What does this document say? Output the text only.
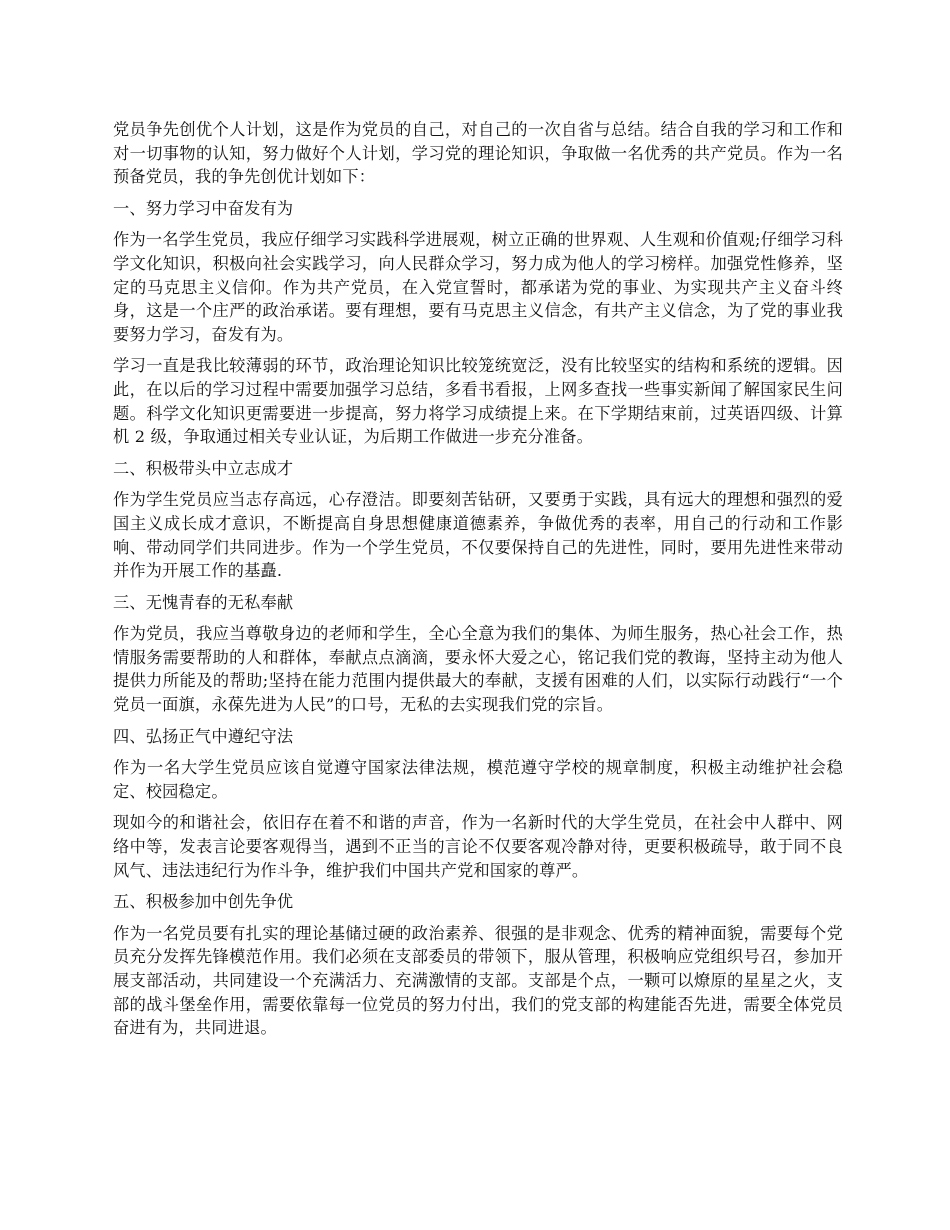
党员争先创优个人计划，这是作为党员的自己，对自己的一次自省与总结。结合自我的学习和工作和对一切事物的认知，努力做好个人计划，学习党的理论知识，争取做一名优秀的共产党员。作为一名预备党员，我的争先创优计划如下：

一、努力学习中奋发有为

作为一名学生党员，我应仔细学习实践科学进展观，树立正确的世界观、人生观和价值观;仔细学习科学文化知识，积极向社会实践学习，向人民群众学习，努力成为他人的学习榜样。加强党性修养，坚定的马克思主义信仰。作为共产党员，在入党宣誓时，都承诺为党的事业、为实现共产主义奋斗终身，这是一个庄严的政治承诺。要有理想，要有马克思主义信念，有共产主义信念，为了党的事业我要努力学习，奋发有为。

学习一直是我比较薄弱的环节，政治理论知识比较笼统宽泛，没有比较坚实的结构和系统的逻辑。因此，在以后的学习过程中需要加强学习总结，多看书看报，上网多查找一些事实新闻了解国家民生问题。科学文化知识更需要进一步提高，努力将学习成绩提上来。在下学期结束前，过英语四级、计算机 2 级，争取通过相关专业认证，为后期工作做进一步充分准备。

二、积极带头中立志成才

作为学生党员应当志存高远，心存澄洁。即要刻苦钻研，又要勇于实践，具有远大的理想和强烈的爱国主义成长成才意识，不断提高自身思想健康道德素养，争做优秀的表率，用自己的行动和工作影响、带动同学们共同进步。作为一个学生党员，不仅要保持自己的先进性，同时，要用先进性来带动并作为开展工作的基矗.

三、无愧青春的无私奉献

作为党员，我应当尊敬身边的老师和学生，全心全意为我们的集体、为师生服务，热心社会工作，热情服务需要帮助的人和群体，奉献点点滴滴，要永怀大爱之心，铭记我们党的教诲，坚持主动为他人提供力所能及的帮助;坚持在能力范围内提供最大的奉献，支援有困难的人们，以实际行动践行“一个党员一面旗，永葆先进为人民”的口号，无私的去实现我们党的宗旨。

四、弘扬正气中遵纪守法

作为一名大学生党员应该自觉遵守国家法律法规，模范遵守学校的规章制度，积极主动维护社会稳定、校园稳定。

现如今的和谐社会，依旧存在着不和谐的声音，作为一名新时代的大学生党员，在社会中人群中、网络中等，发表言论要客观得当，遇到不正当的言论不仅要客观冷静对待，更要积极疏导，敢于同不良风气、违法违纪行为作斗争，维护我们中国共产党和国家的尊严。

五、积极参加中创先争优

作为一名党员要有扎实的理论基储过硬的政治素养、很强的是非观念、优秀的精神面貌，需要每个党员充分发挥先锋模范作用。我们必须在支部委员的带领下，服从管理，积极响应党组织号召，参加开展支部活动，共同建设一个充满活力、充满激情的支部。支部是个点，一颗可以燎原的星星之火，支部的战斗堡垒作用，需要依靠每一位党员的努力付出，我们的党支部的构建能否先进，需要全体党员奋进有为，共同进退。
